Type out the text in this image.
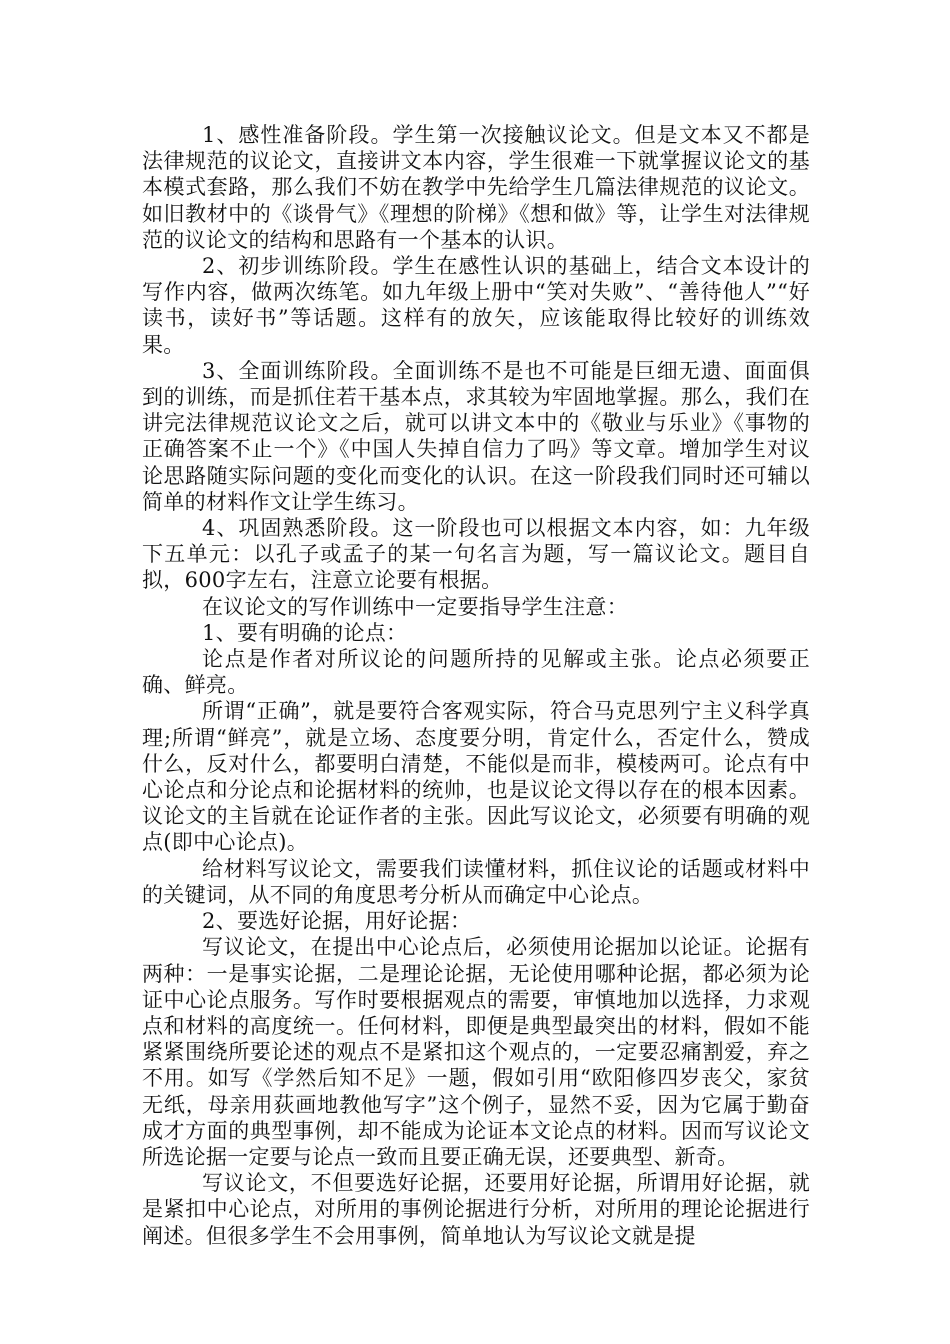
1、感性准备阶段。学生第一次接触议论文。但是文本又不都是法律规范的议论文，直接讲文本内容，学生很难一下就掌握议论文的基本模式套路，那么我们不妨在教学中先给学生几篇法律规范的议论文。如旧教材中的《谈骨气》《理想的阶梯》《想和做》等，让学生对法律规范的议论文的结构和思路有一个基本的认识。

2、初步训练阶段。学生在感性认识的基础上，结合文本设计的写作内容，做两次练笔。如九年级上册中“笑对失败”、“善待他人”“好读书，读好书”等话题。这样有的放矢，应该能取得比较好的训练效果。

3、全面训练阶段。全面训练不是也不可能是巨细无遗、面面俱到的训练，而是抓住若干基本点，求其较为牢固地掌握。那么，我们在讲完法律规范议论文之后，就可以讲文本中的《敬业与乐业》《事物的正确答案不止一个》《中国人失掉自信力了吗》等文章。增加学生对议论思路随实际问题的变化而变化的认识。在这一阶段我们同时还可辅以简单的材料作文让学生练习。

4、巩固熟悉阶段。这一阶段也可以根据文本内容，如：九年级下五单元：以孔子或孟子的某一句名言为题，写一篇议论文。题目自拟，600字左右，注意立论要有根据。

在议论文的写作训练中一定要指导学生注意：

1、要有明确的论点：

论点是作者对所议论的问题所持的见解或主张。论点必须要正确、鲜亮。

所谓“正确”，就是要符合客观实际，符合马克思列宁主义科学真理;所谓“鲜亮”，就是立场、态度要分明，肯定什么，否定什么，赞成什么，反对什么，都要明白清楚，不能似是而非，模棱两可。论点有中心论点和分论点和论据材料的统帅，也是议论文得以存在的根本因素。议论文的主旨就在论证作者的主张。因此写议论文，必须要有明确的观点(即中心论点)。

给材料写议论文，需要我们读懂材料，抓住议论的话题或材料中的关键词，从不同的角度思考分析从而确定中心论点。

2、要选好论据，用好论据：

写议论文，在提出中心论点后，必须使用论据加以论证。论据有两种：一是事实论据，二是理论论据，无论使用哪种论据，都必须为论证中心论点服务。写作时要根据观点的需要，审慎地加以选择，力求观点和材料的高度统一。任何材料，即便是典型最突出的材料，假如不能紧紧围绕所要论述的观点不是紧扣这个观点的，一定要忍痛割爱，弃之不用。如写《学然后知不足》一题，假如引用“欧阳修四岁丧父，家贫无纸，母亲用荻画地教他写字”这个例子，显然不妥，因为它属于勤奋成才方面的典型事例，却不能成为论证本文论点的材料。因而写议论文所选论据一定要与论点一致而且要正确无误，还要典型、新奇。

写议论文，不但要选好论据，还要用好论据，所谓用好论据，就是紧扣中心论点，对所用的事例论据进行分析，对所用的理论论据进行阐述。但很多学生不会用事例，简单地认为写议论文就是提
